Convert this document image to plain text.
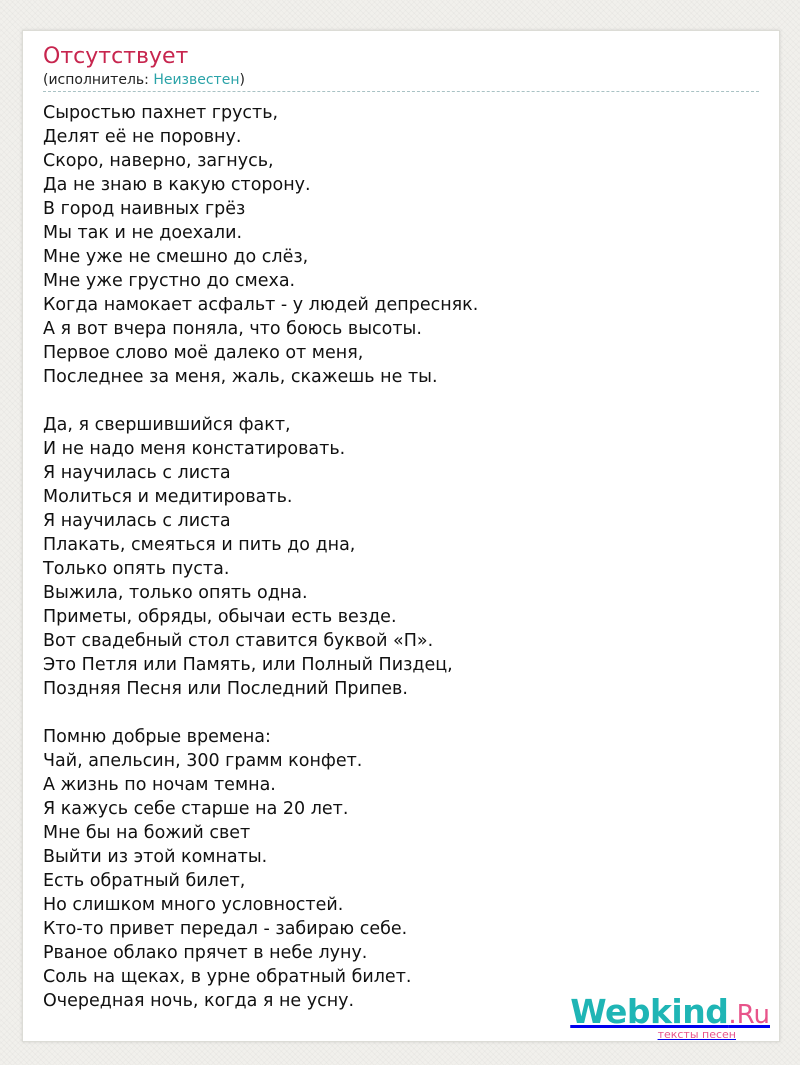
Отсутствует
(исполнитель: Неизвестен)
Сыростью пахнет грусть,
Делят её не поровну.
Скоро, наверно, загнусь,
Да не знаю в какую сторону.
В город наивных грёз
Мы так и не доехали.
Мне уже не смешно до слёз,
Мне уже грустно до смеха.
Когда намокает асфальт - у людей депресняк.
А я вот вчера поняла, что боюсь высоты.
Первое слово моё далеко от меня,
Последнее за меня, жаль, скажешь не ты.
Да, я свершившийся факт,
И не надо меня констатировать.
Я научилась с листа
Молиться и медитировать.
Я научилась с листа
Плакать, смеяться и пить до дна,
Только опять пуста.
Выжила, только опять одна.
Приметы, обряды, обычаи есть везде.
Вот свадебный стол ставится буквой «П».
Это Петля или Память, или Полный Пиздец,
Поздняя Песня или Последний Припев.
Помню добрые времена:
Чай, апельсин, 300 грамм конфет.
А жизнь по ночам темна.
Я кажусь себе старше на 20 лет.
Мне бы на божий свет
Выйти из этой комнаты.
Есть обратный билет,
Но слишком много условностей.
Кто-то привет передал - забираю себе.
Рваное облако прячет в небе луну.
Соль на щеках, в урне обратный билет.
Очередная ночь, когда я не усну.	Webkind.Ru
тексты песен
